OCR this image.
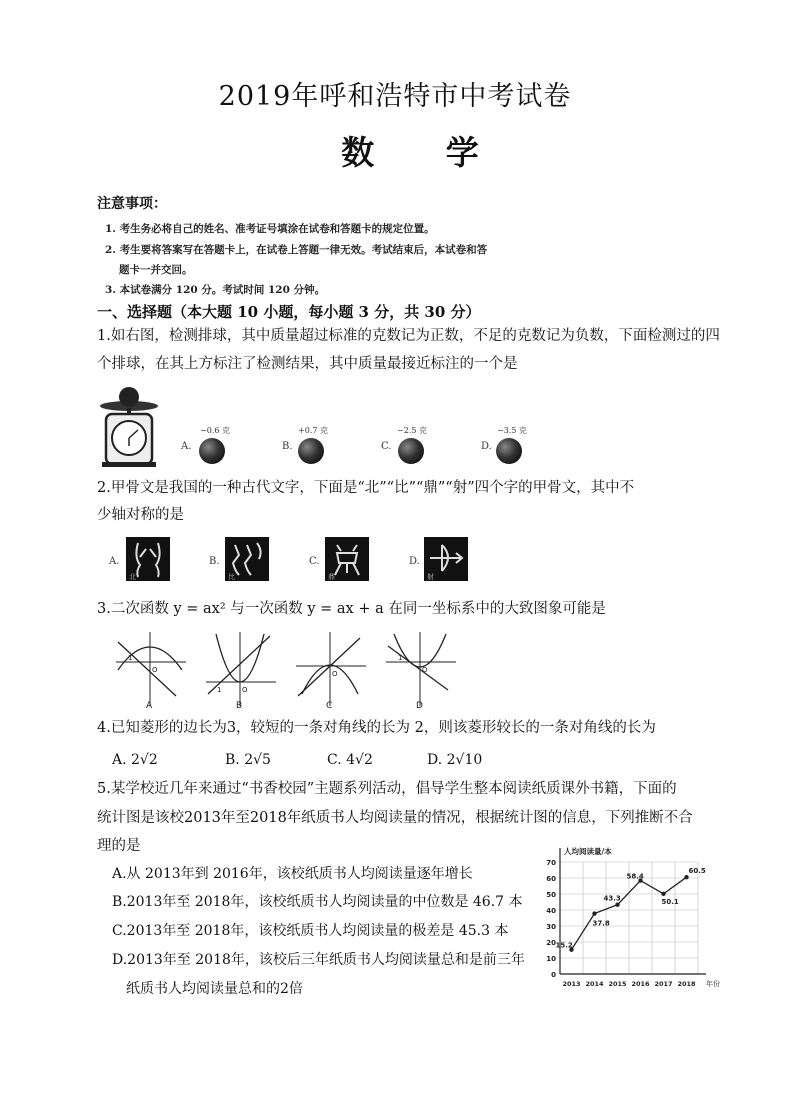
2019年呼和浩特市中考试卷
数 学
注意事项：
1. 考生务必将自己的姓名、准考证号填涂在试卷和答题卡的规定位置。
2. 考生要将答案写在答题卡上，在试卷上答题一律无效。考试结束后，本试卷和答
题卡一并交回。
3. 本试卷满分 120 分。考试时间 120 分钟。
一、选择题（本大题 10 小题，每小题 3 分，共 30 分）
1.如右图，检测排球，其中质量超过标准的克数记为正数，不足的克数记为负数，下面检测过的四
个排球，在其上方标注了检测结果，其中质量最接近标注的一个是
A.
−0.6 克
B.
+0.7 克
C.
−2.5 克
D.
−3.5 克
2.甲骨文是我国的一种古代文字，下面是“北”“比”“鼎”“射”四个字的甲骨文，其中不
少轴对称的是
A.
北
B.
比
C.
鼎
D.
射
3.二次函数 y = ax² 与一次函数 y = ax + a 在同一坐标系中的大致图象可能是
1
O
A
1	O
B
O
C
1
O
D
4.已知菱形的边长为3，较短的一条对角线的长为 2，则该菱形较长的一条对角线的长为
A. 2√2	B. 2√5	C. 4√2	D. 2√10
5.某学校近几年来通过“书香校园”主题系列活动，倡导学生整本阅读纸质课外书籍，下面的
统计图是该校2013年至2018年纸质书人均阅读量的情况，根据统计图的信息，下列推断不合
理的是
A.从 2013年到 2016年，该校纸质书人均阅读量逐年增长
B.2013年至 2018年，该校纸质书人均阅读量的中位数是 46.7 本
C.2013年至 2018年，该校纸质书人均阅读量的极差是 45.3 本
D.2013年至 2018年，该校后三年纸质书人均阅读量总和是前三年
纸质书人均阅读量总和的2倍
0
10
20
30
40
50
60
70
2013 2014 2015 2016 2017 2018
人均阅读量/本
年份
15.2
37.8
43.3
58.4
50.1
60.5
